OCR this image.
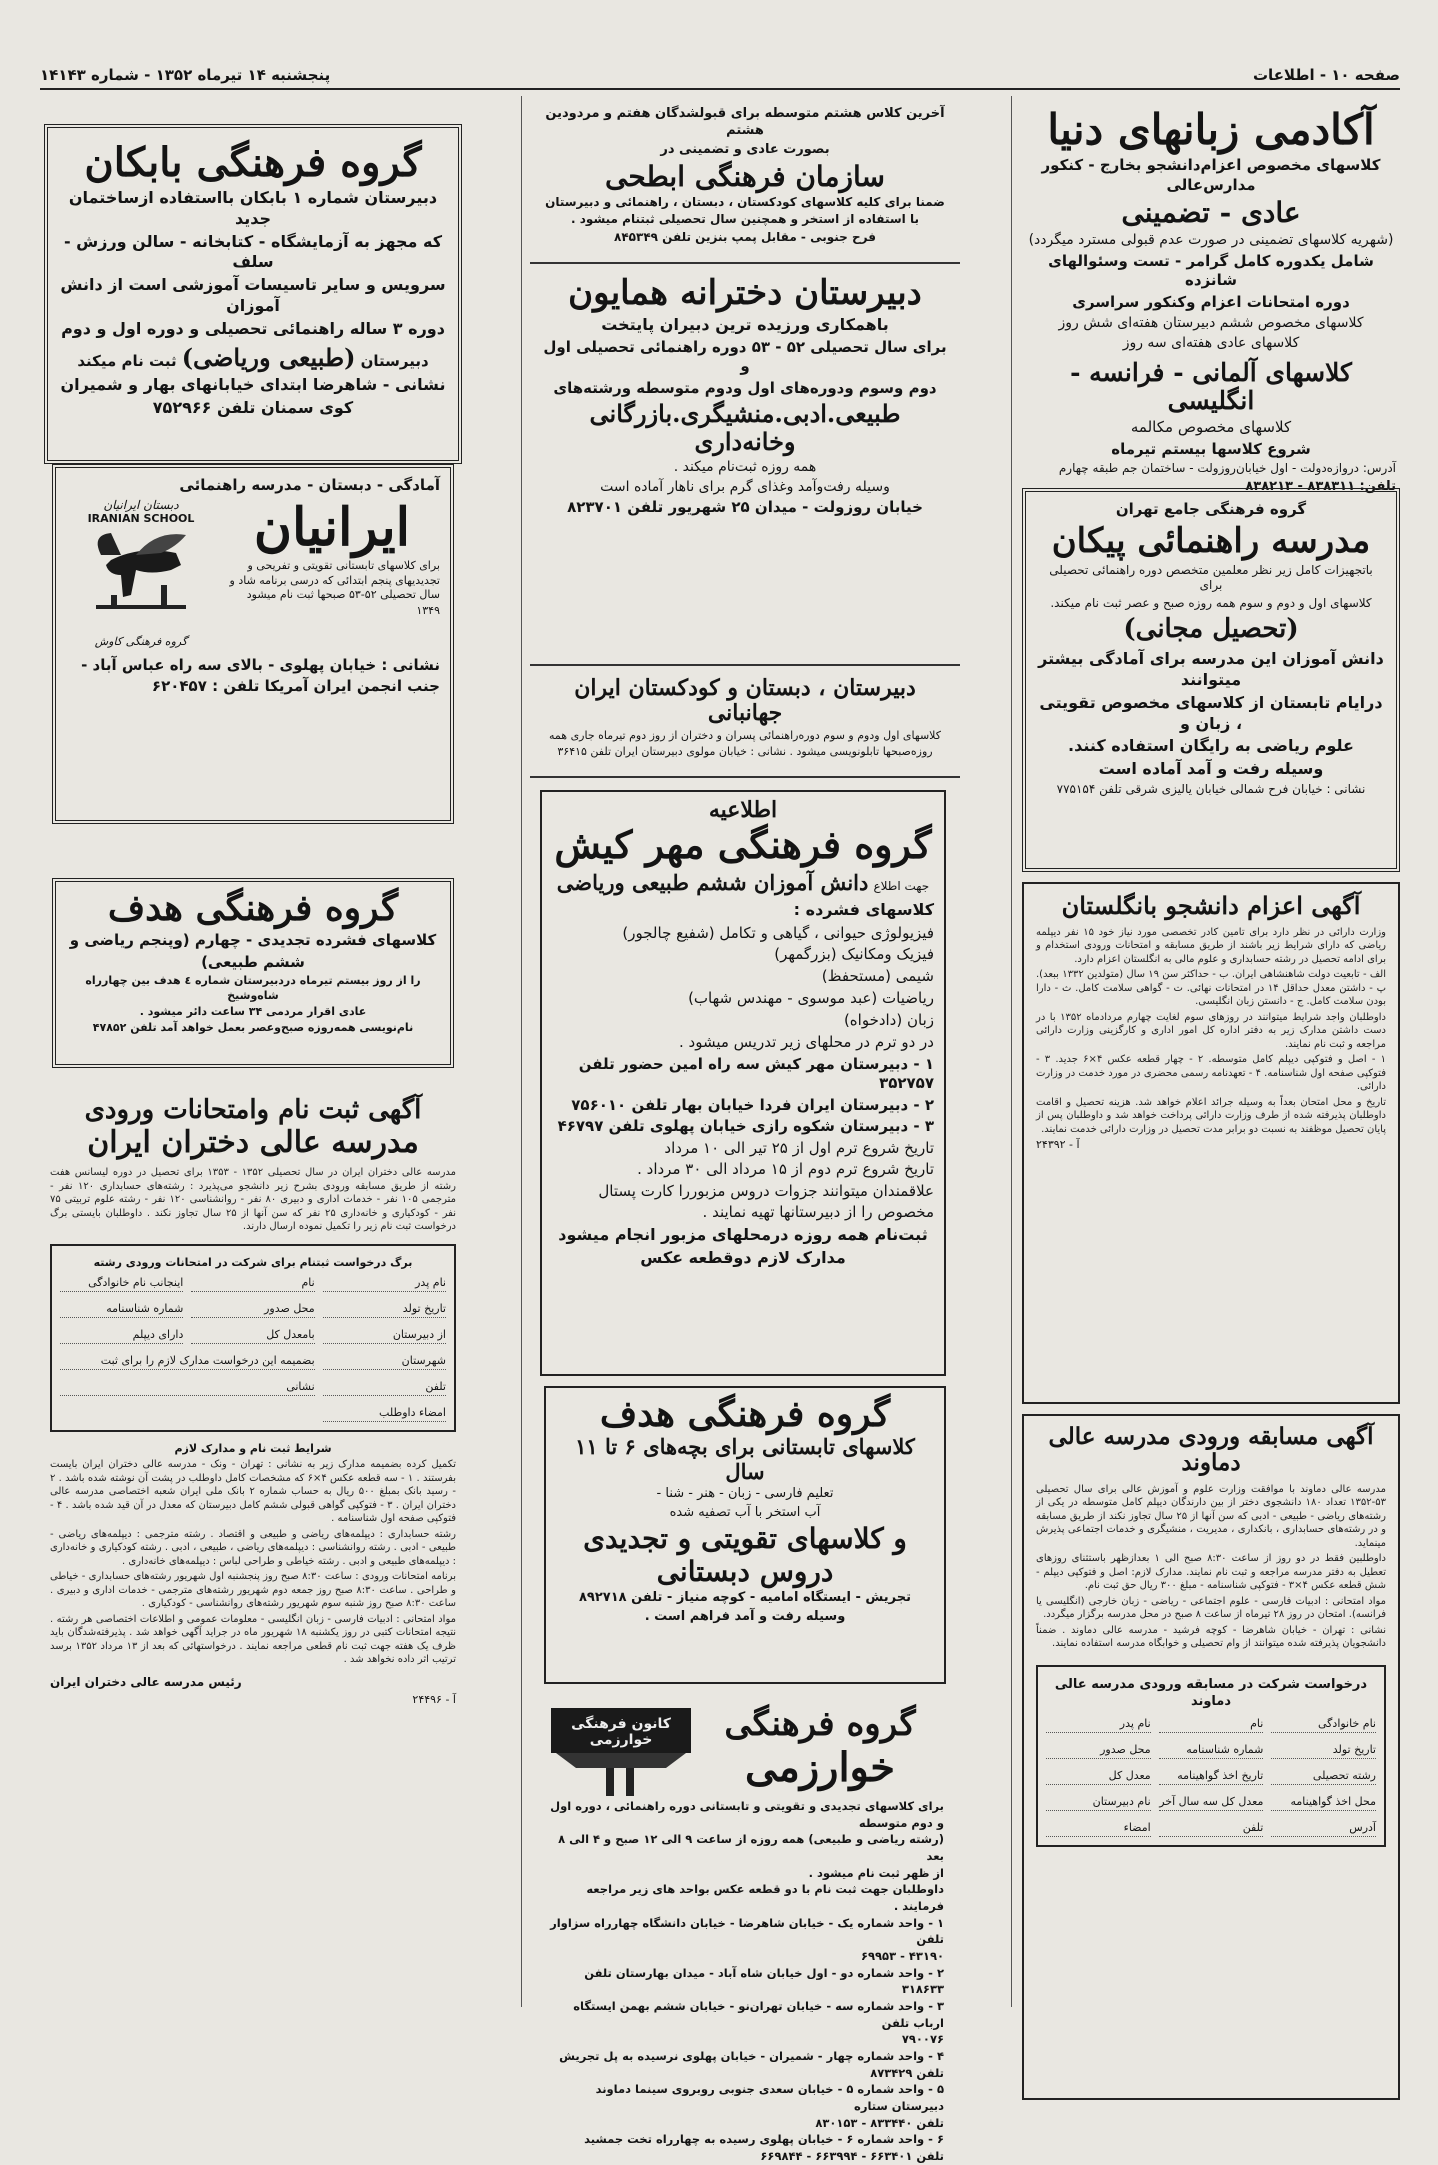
صفحه ۱۰ - اطلاعات
پنجشنبه ۱۴ تیرماه ۱۳۵۲ - شماره ۱۴۱۴۳
آکادمی زبانهای دنیا

کلاسهای مخصوص اعزام‌دانشجو بخارج - کنکور مدارس‌عالی

عادی - تضمینی

(شهریه کلاسهای تضمینی در صورت عدم قبولی مسترد میگردد)

شامل یکدوره کامل گرامر - تست وسئوالهای شانزده

دوره امتحانات اعزام وکنکور سراسری

کلاسهای مخصوص ششم دبیرستان هفته‌ای شش روز

کلاسهای عادی هفته‌ای سه روز

کلاسهای آلمانی - فرانسه - انگلیسی

کلاسهای مخصوص مکالمه

شروع کلاسها بیستم تیرماه

آدرس: دروازه‌دولت - اول خیابان‌روزولت - ساختمان جم طبقه چهارم

تلفن: ۸۳۸۳۱۱ - ۸۳۸۲۱۳

گروه فرهنگی جامع تهران

مدرسه راهنمائی پیکان

باتجهیزات کامل زیر نظر معلمین متخصص دوره راهنمائی تحصیلی برای

کلاسهای اول و دوم و سوم همه روزه صبح و عصر ثبت نام میکند.

(تحصیل مجانی)

دانش آموزان این مدرسه برای آمادگی بیشتر میتوانند

درایام تابستان از کلاسهای مخصوص تقویتی ، زبان و

علوم ریاضی به رایگان استفاده کنند.

وسیله رفت و آمد آماده است

نشانی : خیابان فرح شمالی خیابان یالیزی شرقی تلفن ۷۷۵۱۵۴

آگهی اعزام دانشجو بانگلستان

وزارت دارائی در نظر دارد برای تامین کادر تخصصی مورد نیاز خود ۱۵ نفر دیپلمه ریاضی که دارای شرایط زیر باشند از طریق مسابقه و امتحانات ورودی استخدام و برای ادامه تحصیل در رشته حسابداری و علوم مالی به انگلستان اعزام دارد.

الف - تابعیت دولت شاهنشاهی ایران. ب - حداکثر سن ۱۹ سال (متولدین ۱۳۳۲ ببعد). پ - داشتن معدل حداقل ۱۴ در امتحانات نهائی. ت - گواهی سلامت کامل. ث - دارا بودن سلامت کامل. ج - دانستن زبان انگلیسی.

داوطلبان واجد شرایط میتوانند در روزهای سوم لغایت چهارم مردادماه ۱۳۵۲ با در دست داشتن مدارک زیر به دفتر اداره کل امور اداری و کارگزینی وزارت دارائی مراجعه و ثبت نام نمایند.

۱ - اصل و فتوکپی دیپلم کامل متوسطه. ۲ - چهار قطعه عکس ۴×۶ جدید. ۳ - فتوکپی صفحه اول شناسنامه. ۴ - تعهدنامه رسمی محضری در مورد خدمت در وزارت دارائی.

تاریخ و محل امتحان بعداً به وسیله جرائد اعلام خواهد شد. هزینه تحصیل و اقامت داوطلبان پذیرفته شده از طرف وزارت دارائی پرداخت خواهد شد و داوطلبان پس از پایان تحصیل موظفند به نسبت دو برابر مدت تحصیل در وزارت دارائی خدمت نمایند.

آ - ۲۴۳۹۲

آگهی مسابقه ورودی مدرسه عالی دماوند

مدرسه عالی دماوند با موافقت وزارت علوم و آموزش عالی برای سال تحصیلی ۵۳-۱۳۵۲ تعداد ۱۸۰ دانشجوی دختر از بین دارندگان دیپلم کامل متوسطه در یکی از رشته‌های ریاضی - طبیعی - ادبی که سن آنها از ۲۵ سال تجاوز نکند از طریق مسابقه و در رشته‌های حسابداری ، بانکداری ، مدیریت ، منشیگری و خدمات اجتماعی پذیرش مینماید.

داوطلبین فقط در دو روز از ساعت ۸:۳۰ صبح الی ۱ بعدازظهر باستثنای روزهای تعطیل به دفتر مدرسه مراجعه و ثبت نام نمایند. مدارک لازم: اصل و فتوکپی دیپلم - شش قطعه عکس ۴×۳ - فتوکپی شناسنامه - مبلغ ۳۰۰ ریال حق ثبت نام.

مواد امتحانی : ادبیات فارسی - علوم اجتماعی - ریاضی - زبان خارجی (انگلیسی یا فرانسه). امتحان در روز ۲۸ تیرماه از ساعت ۸ صبح در محل مدرسه برگزار میگردد.

نشانی : تهران - خیابان شاهرضا - کوچه فرشید - مدرسه عالی دماوند . ضمناً دانشجویان پذیرفته شده میتوانند از وام تحصیلی و خوابگاه مدرسه استفاده نمایند.

درخواست شرکت در مسابقه ورودی مدرسه عالی دماوند

نام خانوادگی
نام
نام پدر
تاریخ تولد
شماره شناسنامه
محل صدور
رشته تحصیلی
تاریخ اخذ گواهینامه
معدل کل
محل اخذ گواهینامه
معدل کل سه سال آخر
نام دبیرستان
آدرس
تلفن
امضاء

آخرین کلاس هشتم متوسطه برای قبولشدگان هفتم و مردودین هشتم

بصورت عادی و تضمینی در

سازمان فرهنگی ابطحی

ضمنا برای کلیه کلاسهای کودکستان ، دبستان ، راهنمائی و دبیرستان

با استفاده از استخر و همچنین سال تحصیلی ثبتنام میشود .

فرح جنوبی - مقابل پمپ بنزین تلفن ۸۴۵۳۴۹

دبیرستان دخترانه همایون

باهمکاری ورزیده ترین دبیران پایتخت

برای سال تحصیلی ۵۲ - ۵۳ دوره راهنمائی تحصیلی اول و

دوم وسوم ودوره‌های اول ودوم متوسطه ورشته‌های

طبیعی.ادبی.منشیگری.بازرگانی وخانه‌داری

همه روزه ثبت‌نام میکند .

وسیله رفت‌وآمد وغذای گرم برای ناهار آماده است

خیابان روزولت - میدان ۲۵ شهریور تلفن ۸۲۳۷۰۱

دبیرستان ، دبستان و کودکستان ایران جهانبانی

کلاسهای اول ودوم و سوم دوره‌راهنمائی پسران و دختران از روز دوم تیرماه جاری همه

روزه‌صبحها تابلونویسی میشود . نشانی : خیابان مولوی دبیرستان ایران تلفن ۳۶۴۱۵

اطلاعیه
گروه فرهنگی مهر کیش

جهت اطلاع دانش آموزان ششم طبیعی وریاضی

کلاسهای فشرده :

فیزیولوژی حیوانی ، گیاهی و تکامل (شفیع چالجور)
فیزیک ومکانیک (بزرگمهر)
شیمی (مستحفظ)
ریاضیات (عبد موسوی - مهندس شهاب)
زبان (دادخواه)

در دو ترم در محلهای زیر تدریس میشود .

۱ - دبیرستان مهر کیش سه راه امین حضور تلفن ۳۵۲۷۵۷

۲ - دبیرستان ایران فردا خیابان بهار تلفن ۷۵۶۰۱۰

۳ - دبیرستان شکوه رازی خیابان پهلوی تلفن ۴۶۷۹۷

تاریخ شروع ترم اول از ۲۵ تیر الی ۱۰ مرداد

تاریخ شروع ترم دوم از ۱۵ مرداد الی ۳۰ مرداد .

علاقمندان میتوانند جزوات دروس مزبوررا کارت پستال

مخصوص را از دبیرستانها تهیه نمایند .

ثبت‌نام همه روزه درمحلهای مزبور انجام میشود

مدارک لازم دوقطعه عکس

گروه فرهنگی هدف
کلاسهای تابستانی برای بچه‌های ۶ تا ۱۱ سال

تعلیم فارسی - زبان - هنر - شنا -

آب استخر با آب تصفیه شده

و کلاسهای تقویتی و تجدیدی
دروس دبستانی

تجریش - ایستگاه امامیه - کوچه منیاز - تلفن ۸۹۲۷۱۸

وسیله رفت و آمد فراهم است .

گروه فرهنگی
خوارزمی
کانون فرهنگی خوارزمی
برای کلاسهای تجدیدی و تقویتی و تابستانی دوره راهنمائی ، دوره اول و دوم متوسطه
(رشته ریاضی و طبیعی) همه روزه از ساعت ۹ الی ۱۲ صبح و ۴ الی ۸ بعد
از ظهر ثبت نام میشود .
داوطلبان جهت ثبت نام با دو قطعه عکس بواحد های زیر مراجعه فرمایند .
۱ - واحد شماره یک - خیابان شاهرضا - خیابان دانشگاه چهارراه سزاوار تلفن
۴۳۱۹۰ - ۶۹۹۵۳
۲ - واحد شماره دو - اول خیابان شاه آباد - میدان بهارستان تلفن ۳۱۸۶۳۳
۳ - واحد شماره سه - خیابان تهران‌نو - خیابان ششم بهمن ایستگاه ارباب تلفن
۷۹۰۰۷۶
۴ - واحد شماره چهار - شمیران - خیابان پهلوی نرسیده به پل تجریش تلفن ۸۷۳۴۲۹
۵ - واحد شماره ۵ - خیابان سعدی جنوبی روبروی سینما دماوند دبیرستان ستاره
تلفن ۸۳۳۴۴۰ - ۸۳۰۱۵۳
۶ - واحد شماره ۶ - خیابان پهلوی رسیده به چهارراه تخت جمشید
تلفن ۶۶۳۴۰۱ - ۶۶۳۹۹۴ - ۶۶۹۸۴۴
گروه فرهنگی بابکان

دبیرستان شماره ۱ بابکان بااستفاده ازساختمان جدید

که مجهز به آزمایشگاه - کتابخانه - سالن ورزش - سلف

سرویس و سایر تاسیسات آموزشی است از دانش آموزان

دوره ۳ ساله راهنمائی تحصیلی و دوره اول و دوم

دبیرستان (طبیعی وریاضی) ثبت نام میکند

نشانی - شاهرضا ابتدای خیابانهای بهار و شمیران

کوی سمنان تلفن ۷۵۲۹۶۶

آمادگی - دبستان - مدرسه راهنمائی

ایرانیان

برای کلاسهای تابستانی تقویتی و تفریحی و تجدیدیهای پنجم ابتدائی که درسی برنامه شاد و سال تحصیلی ۵۲-۵۳ صبحها ثبت نام میشود

۱۳۴۹

دبستان ایرانیان
IRANIAN SCHOOL
گروه فرهنگی کاوش

نشانی : خیابان پهلوی - بالای سه راه عباس آباد -

جنب انجمن ایران آمریکا تلفن : ۶۲۰۴۵۷

گروه فرهنگی هدف

کلاسهای فشرده تجدیدی - چهارم (وپنجم ریاضی و

ششم طبیعی)

را از روز بیستم تیرماه دردبیرستان شماره ٤ هدف بین چهارراه شاه‌وشیخ

عادی اقرار مردمی ۳۴ ساعت دائر میشود .

نام‌نویسی همه‌روزه صبح‌وعصر بعمل خواهد آمد تلفن ۴۷۸۵۲

آگهی ثبت نام وامتحانات ورودی
مدرسه عالی دختران ایران

مدرسه عالی دختران ایران در سال تحصیلی ۱۳۵۲ - ۱۳۵۳ برای تحصیل در دوره لیسانس هفت رشته از طریق مسابقه ورودی بشرح زیر دانشجو می‌پذیرد : رشته‌های حسابداری ۱۲۰ نفر - مترجمی ۱۰۵ نفر - خدمات اداری و دبیری ۸۰ نفر - روانشناسی ۱۲۰ نفر - رشته علوم تربیتی ۷۵ نفر - کودکیاری و خانه‌داری ۲۵ نفر که سن آنها از ۲۵ سال تجاوز نکند . داوطلبان بایستی برگ درخواست ثبت نام زیر را تکمیل نموده ارسال دارند.

برگ درخواست ثبتنام برای شرکت در امتحانات ورودی رشته

نام پدر
نام
اینجانب نام خانوادگی
تاریخ تولد
محل صدور
شماره شناسنامه
از دبیرستان
بامعدل کل
دارای دیپلم
شهرستان
بضمیمه این درخواست مدارک لازم را برای ثبت
تلفن
نشانی
امضاء داوطلب

شرایط ثبت نام و مدارک لازم

تکمیل کرده بضمیمه مدارک زیر به نشانی : تهران - ونک - مدرسه عالی دختران ایران بایست بفرستند . ۱ - سه قطعه عکس ۴×۶ که مشخصات کامل داوطلب در پشت آن نوشته شده باشد . ۲ - رسید بانک بمبلغ ۵۰۰ ریال به حساب شماره ۲ بانک ملی ایران شعبه اختصاصی مدرسه عالی دختران ایران . ۳ - فتوکپی گواهی قبولی ششم کامل دبیرستان که معدل در آن قید شده باشد . ۴ - فتوکپی صفحه اول شناسنامه .

رشته حسابداری : دیپلمه‌های ریاضی و طبیعی و اقتصاد . رشته مترجمی : دیپلمه‌های ریاضی - طبیعی - ادبی . رشته روانشناسی : دیپلمه‌های ریاضی ، طبیعی ، ادبی . رشته کودکیاری و خانه‌داری : دیپلمه‌های طبیعی و ادبی . رشته خیاطی و طراحی لباس : دیپلمه‌های خانه‌داری .

برنامه امتحانات ورودی : ساعت ۸:۳۰ صبح روز پنجشنبه اول شهریور رشته‌های حسابداری - خیاطی و طراحی . ساعت ۸:۳۰ صبح روز جمعه دوم شهریور رشته‌های مترجمی - خدمات اداری و دبیری . ساعت ۸:۳۰ صبح روز شنبه سوم شهریور رشته‌های روانشناسی - کودکیاری .

مواد امتحانی : ادبیات فارسی - زبان انگلیسی - معلومات عمومی و اطلاعات اختصاصی هر رشته . نتیجه امتحانات کتبی در روز یکشنبه ۱۸ شهریور ماه در جراید آگهی خواهد شد . پذیرفته‌شدگان باید ظرف یک هفته جهت ثبت نام قطعی مراجعه نمایند . درخواستهائی که بعد از ۱۳ مرداد ۱۳۵۲ برسد ترتیب اثر داده نخواهد شد .

رئیس مدرسه عالی دختران ایران

آ - ۲۴۴۹۶
